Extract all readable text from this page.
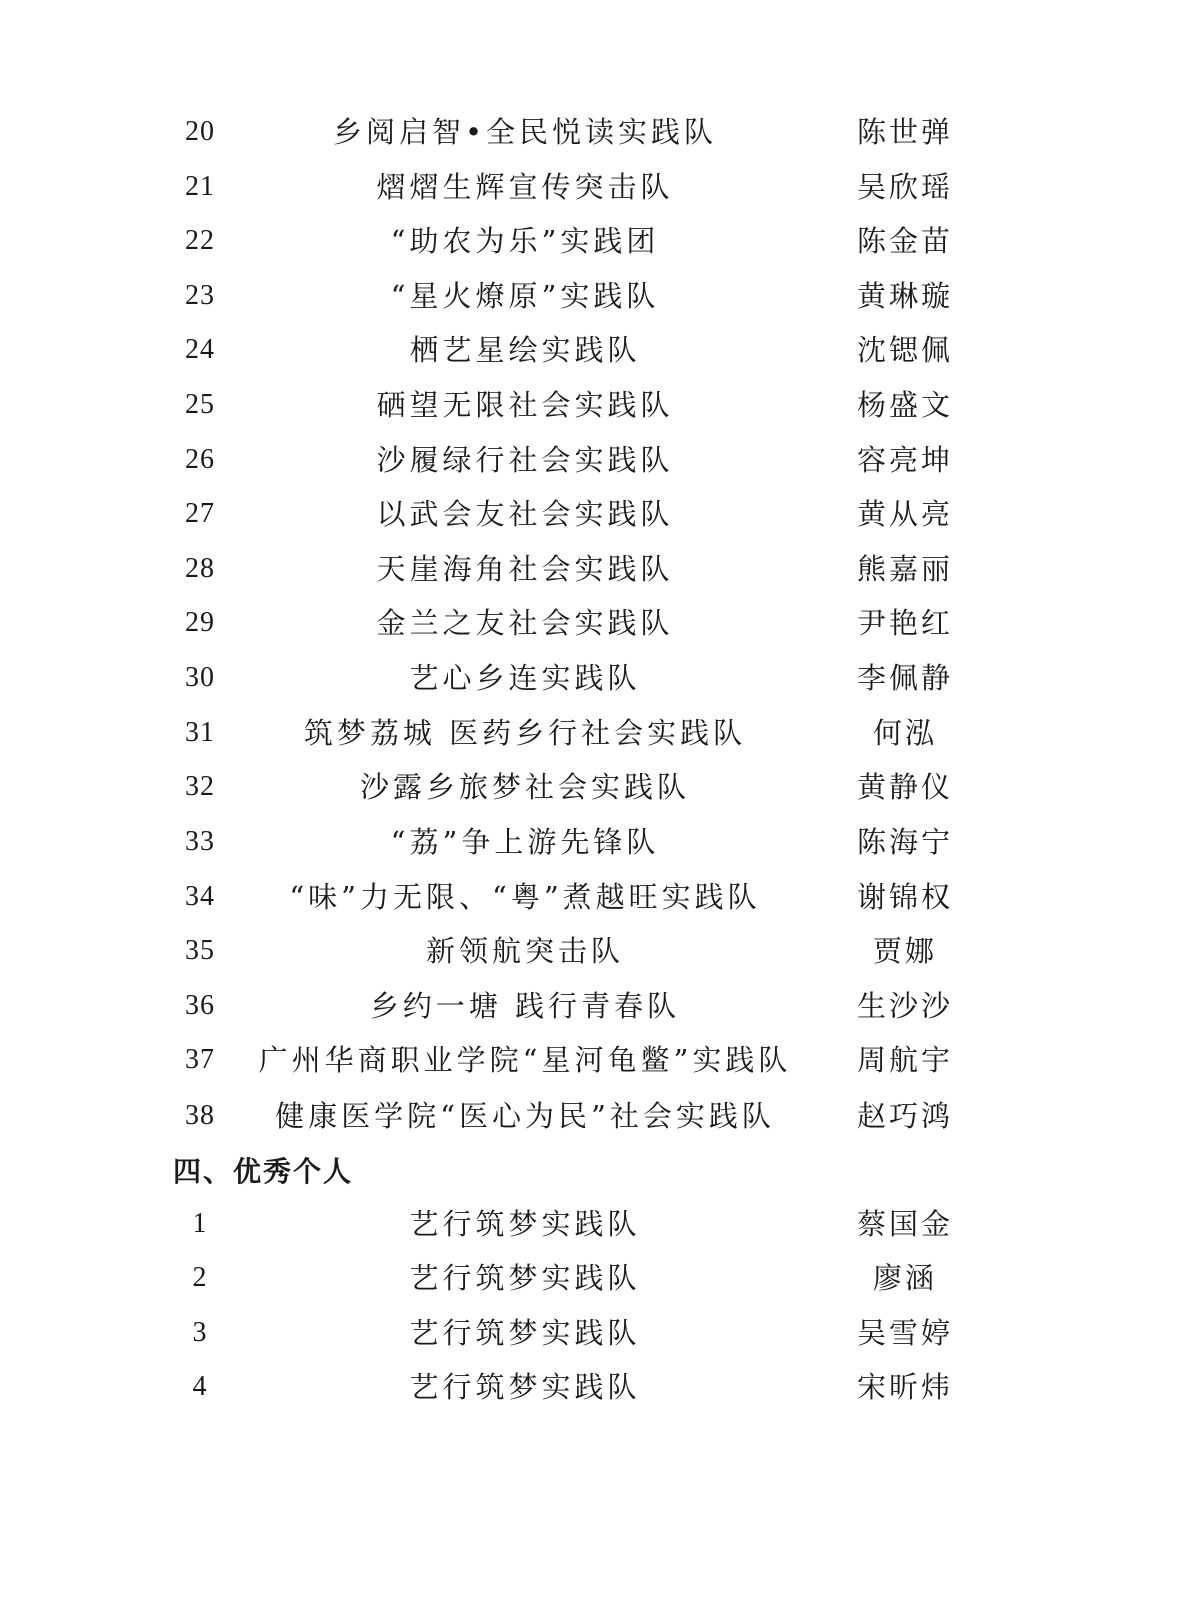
20	乡阅启智•全民悦读实践队	陈世弹
21	熠熠生辉宣传突击队	吴欣瑶
22	“助农为乐”实践团	陈金苗
23	“星火燎原”实践队	黄琳璇
24	栖艺星绘实践队	沈锶佩
25	硒望无限社会实践队	杨盛文
26	沙履绿行社会实践队	容亮坤
27	以武会友社会实践队	黄从亮
28	天崖海角社会实践队	熊嘉丽
29	金兰之友社会实践队	尹艳红
30	艺心乡连实践队	李佩静
31	筑梦荔城 医药乡行社会实践队	何泓
32	沙露乡旅梦社会实践队	黄静仪
33	“荔”争上游先锋队	陈海宁
34	“味”力无限、“粤”煮越旺实践队	谢锦权
35	新领航突击队	贾娜
36	乡约一塘 践行青春队	生沙沙
37	广州华商职业学院“星河龟鳖”实践队	周航宇
38	健康医学院“医心为民”社会实践队	赵巧鸿
四、优秀个人
1	艺行筑梦实践队	蔡国金
2	艺行筑梦实践队	廖涵
3	艺行筑梦实践队	吴雪婷
4	艺行筑梦实践队	宋昕炜
